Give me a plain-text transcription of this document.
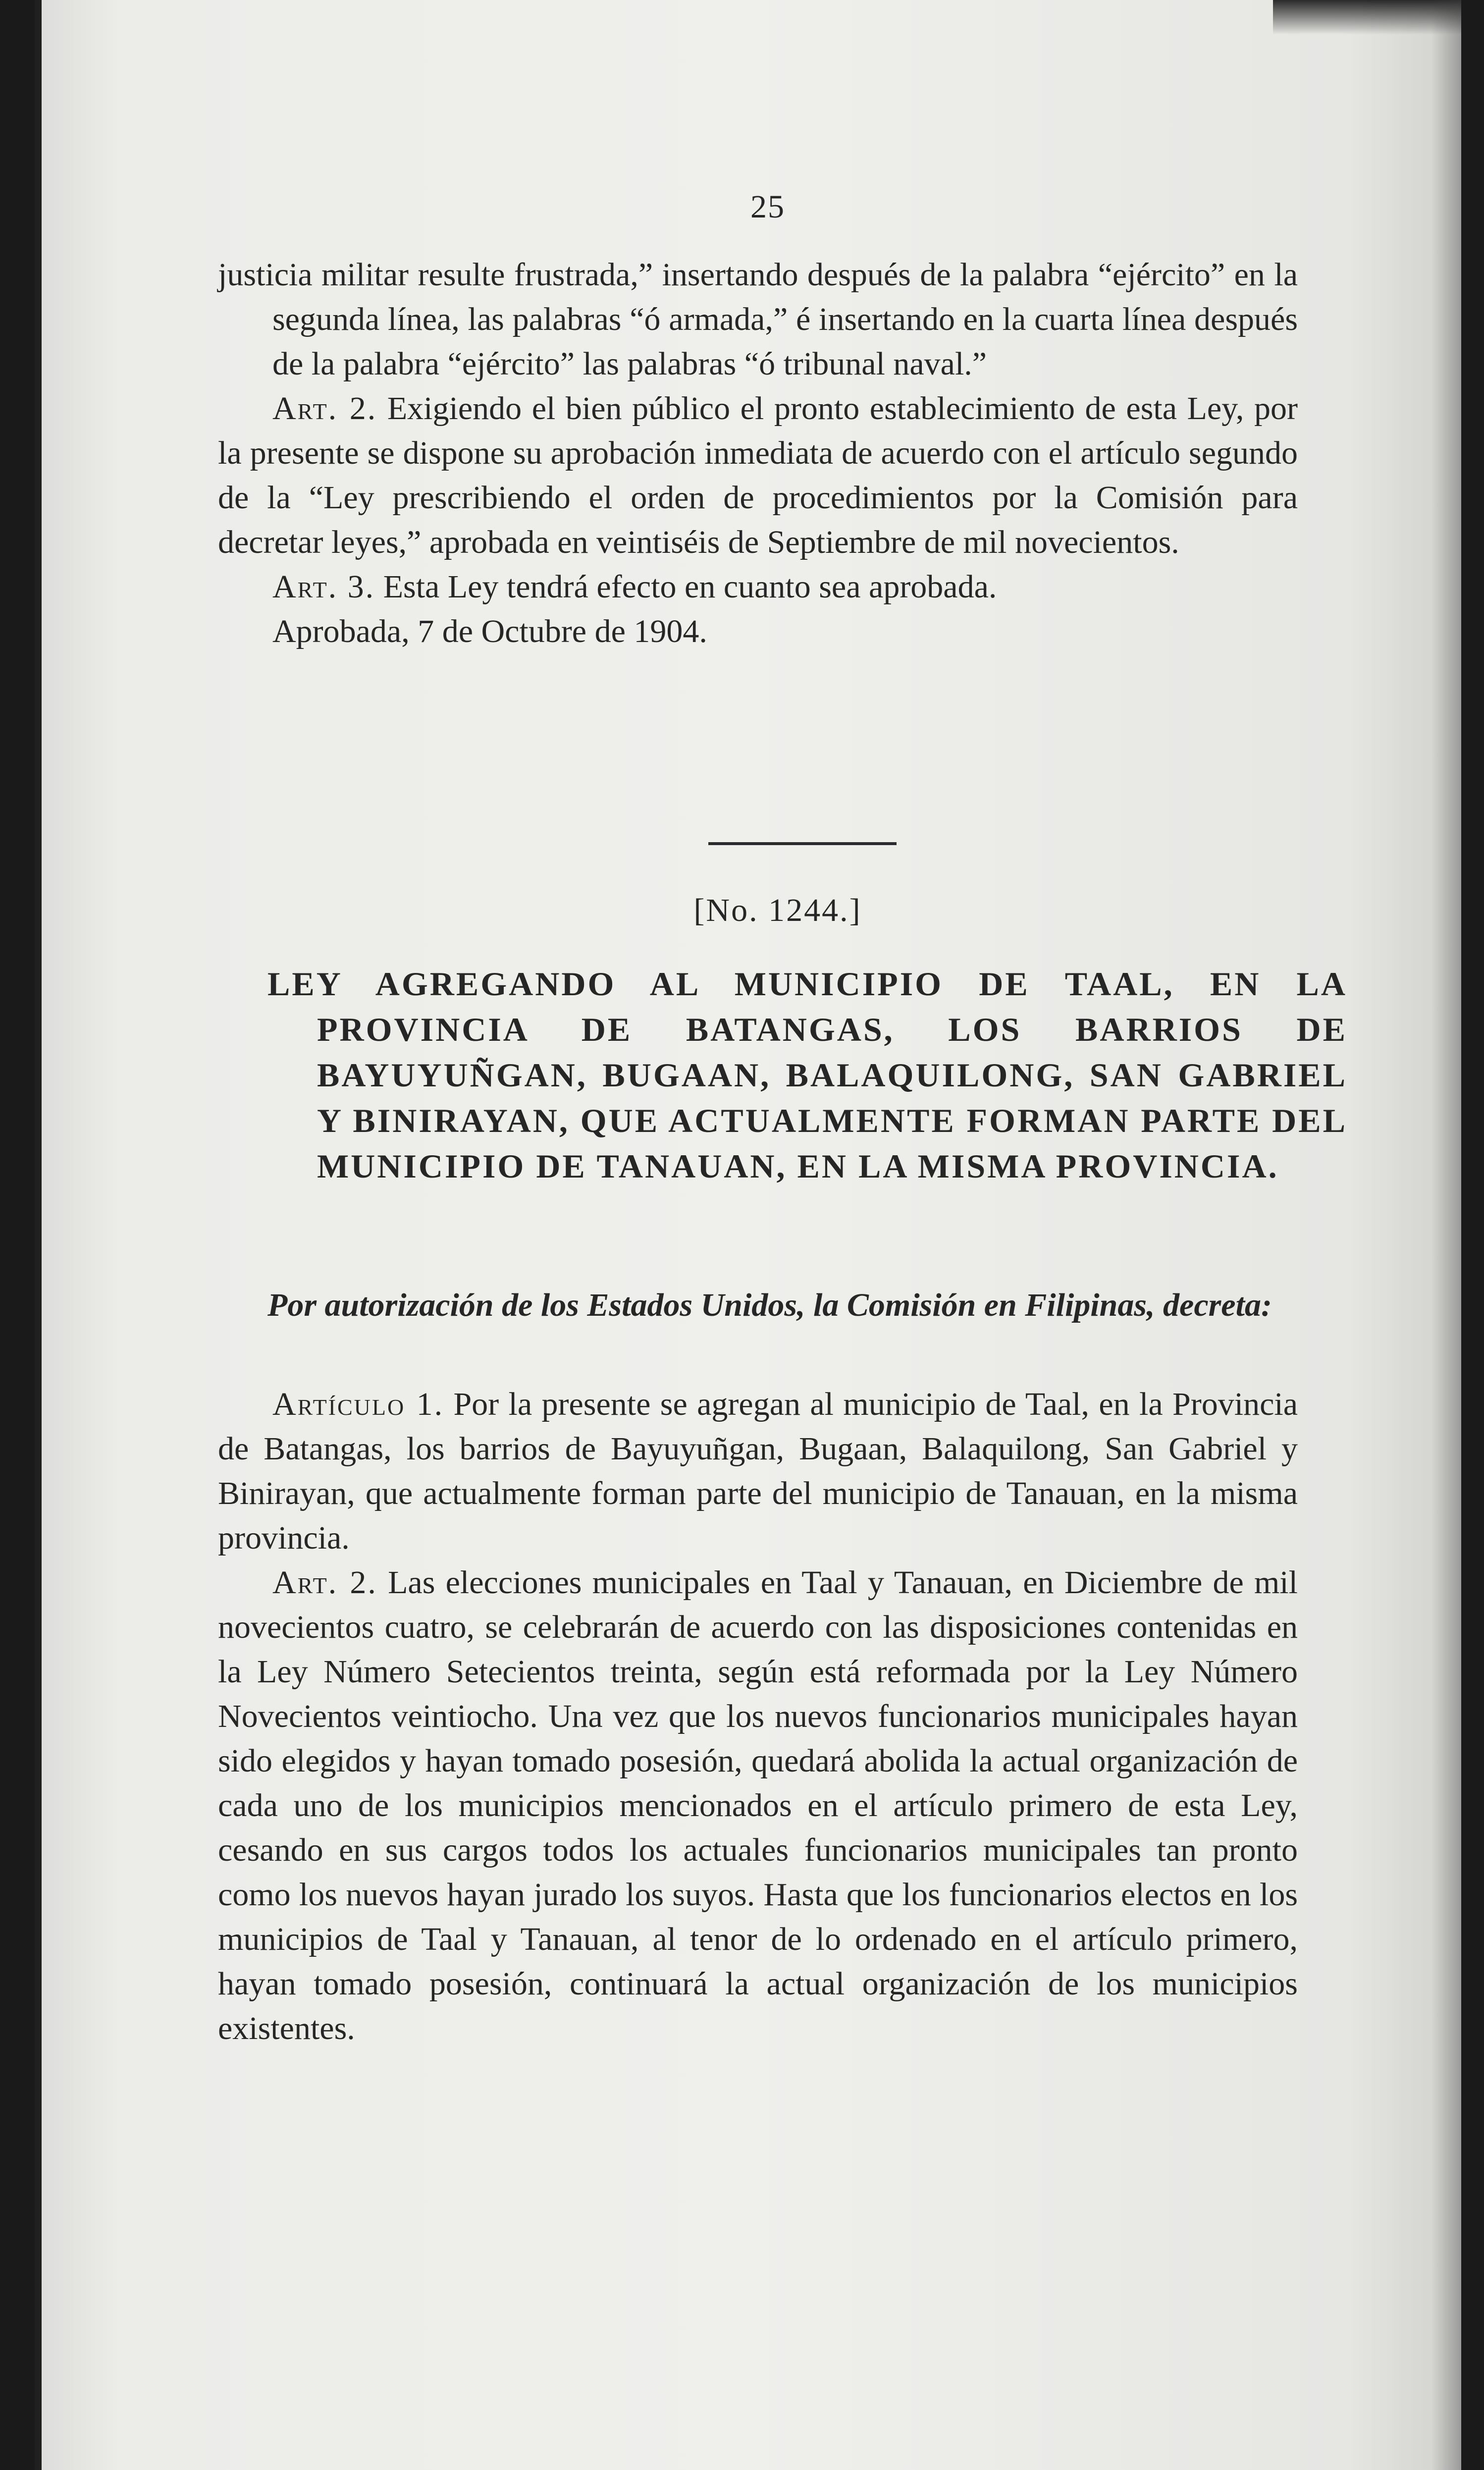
25

justicia militar resulte frustrada,” insertando después de la palabra “ejército” en la segunda línea, las palabras “ó armada,” é insertando en la cuarta línea después de la palabra “ejército” las palabras “ó tribunal naval.”

Art. 2. Exigiendo el bien público el pronto establecimiento de esta Ley, por la presente se dispone su aprobación inmediata de acuerdo con el artículo segundo de la “Ley prescribiendo el orden de procedimientos por la Comisión para decretar leyes,” aprobada en veintiséis de Septiembre de mil novecientos.

Art. 3. Esta Ley tendrá efecto en cuanto sea aprobada.

Aprobada, 7 de Octubre de 1904.

[No. 1244.]
LEY AGREGANDO AL MUNICIPIO DE TAAL, EN LA PROVINCIA DE BATANGAS, LOS BARRIOS DE BAYUYUÑGAN, BUGAAN, BALAQUILONG, SAN GABRIEL Y BINIRAYAN, QUE ACTUALMENTE FORMAN PARTE DEL MUNICIPIO DE TANAUAN, EN LA MISMA PROVINCIA.
Por autorización de los Estados Unidos, la Comisión en Filipinas, decreta:

Artículo 1. Por la presente se agregan al municipio de Taal, en la Provincia de Batangas, los barrios de Bayuyuñgan, Bugaan, Balaquilong, San Gabriel y Binirayan, que actualmente forman parte del municipio de Tanauan, en la misma provincia.

Art. 2. Las elecciones municipales en Taal y Tanauan, en Diciembre de mil novecientos cuatro, se celebrarán de acuerdo con las disposiciones contenidas en la Ley Número Setecientos treinta, según está reformada por la Ley Número Novecientos veintiocho. Una vez que los nuevos funcionarios municipales hayan sido elegidos y hayan tomado posesión, quedará abolida la actual organización de cada uno de los municipios mencionados en el artículo primero de esta Ley, cesando en sus cargos todos los actuales funcionarios municipales tan pronto como los nuevos hayan jurado los suyos. Hasta que los funcionarios electos en los municipios de Taal y Tanauan, al tenor de lo ordenado en el artículo primero, hayan tomado posesión, continuará la actual organización de los municipios existentes.
